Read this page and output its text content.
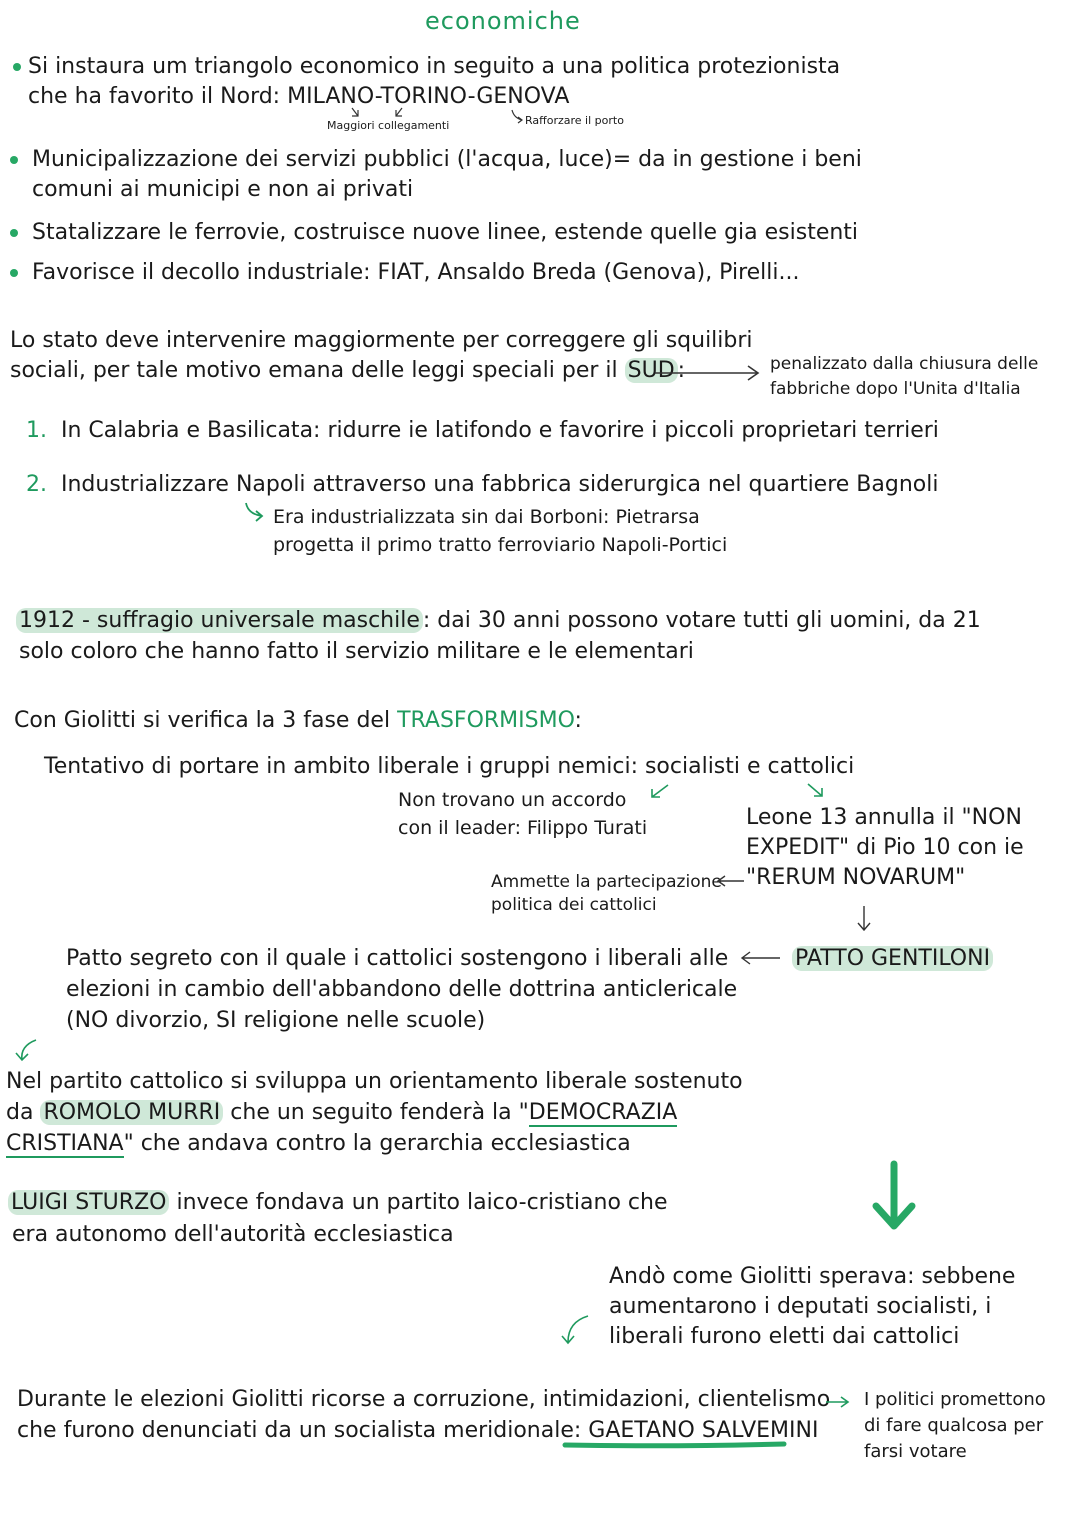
economiche
Si instaura um triangolo economico in seguito a una politica protezionista
che ha favorito il Nord: MILANO-TORINO-GENOVA
Maggiori collegamenti	Rafforzare il porto
Municipalizzazione dei servizi pubblici (l'acqua, luce)= da in gestione i beni
comuni ai municipi e non ai privati
Statalizzare le ferrovie, costruisce nuove linee, estende quelle gia esistenti
Favorisce il decollo industriale: FIAT, Ansaldo Breda (Genova), Pirelli...
Lo stato deve intervenire maggiormente per correggere gli squilibri
sociali, per tale motivo emana delle leggi speciali per il SUD :	penalizzato dalla chiusura delle
fabbriche dopo l'Unita d'Italia
1. In Calabria e Basilicata: ridurre ie latifondo e favorire i piccoli proprietari terrieri
2. Industrializzare Napoli attraverso una fabbrica siderurgica nel quartiere Bagnoli
Era industrializzata sin dai Borboni: Pietrarsa
progetta il primo tratto ferroviario Napoli-Portici
1912 - suffragio universale maschile : dai 30 anni possono votare tutti gli uomini, da 21
solo coloro che hanno fatto il servizio militare e le elementari
Con Giolitti si verifica la 3 fase del TRASFORMISMO:
Tentativo di portare in ambito liberale i gruppi nemici: socialisti e cattolici
Non trovano un accordo
con il leader: Filippo Turati	Leone 13 annulla il "NON
EXPEDIT" di Pio 10 con ie
"RERUM NOVARUM"
Ammette la partecipazione
politica dei cattolici
PATTO GENTILONI
Patto segreto con il quale i cattolici sostengono i liberali alle
elezioni in cambio dell'abbandono delle dottrina anticlericale
(NO divorzio, SI religione nelle scuole)
Nel partito cattolico si sviluppa un orientamento liberale sostenuto
da ROMOLO MURRI che un seguito fenderà la "DEMOCRAZIA
CRISTIANA" che andava contro la gerarchia ecclesiastica
LUIGI STURZO invece fondava un partito laico-cristiano che
era autonomo dell'autorità ecclesiastica
Andò come Giolitti sperava: sebbene
aumentarono i deputati socialisti, i
liberali furono eletti dai cattolici
Durante le elezioni Giolitti ricorse a corruzione, intimidazioni, clientelismo
che furono denunciati da un socialista meridionale: GAETANO SALVEMINI
I politici promettono
di fare qualcosa per
farsi votare
